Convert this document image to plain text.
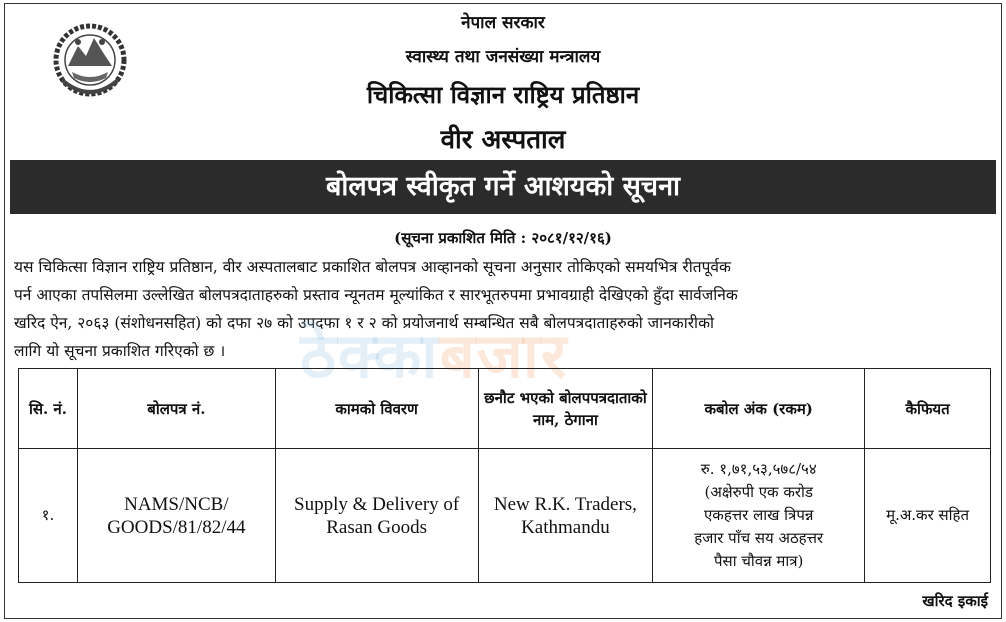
नेपाल सरकार
स्वास्थ्य तथा जनसंख्या मन्त्रालय
चिकित्सा विज्ञान राष्ट्रिय प्रतिष्ठान
वीर अस्पताल
बोलपत्र स्वीकृत गर्ने आशयको सूचना
(सूचना प्रकाशित मिति : २०८१/१२/१६)
यस चिकित्सा विज्ञान राष्ट्रिय प्रतिष्ठान, वीर अस्पतालबाट प्रकाशित बोलपत्र आव्हानको सूचना अनुसार तोकिएको समयभित्र रीतपूर्वक
पर्न आएका तपसिलमा उल्लेखित बोलपत्रदाताहरुको प्रस्ताव न्यूनतम मूल्यांकित र सारभूतरुपमा प्रभावग्राही देखिएको हुँदा सार्वजनिक
खरिद ऐन, २०६३ (संशोधनसहित) को दफा २७ को उपदफा १ र २ को प्रयोजनार्थ सम्बन्धित सबै बोलपत्रदाताहरुको जानकारीको
लागि यो सूचना प्रकाशित गरिएको छ ।	ठेक्काबजार
सि. नं.	बोलपत्र नं.	कामको विवरण	छनौट भएको बोलपपत्रदाताको नाम, ठेगाना	कबोल अंक (रकम)	कैफियत
१.	NAMS/NCB/ GOODS/81/82/44	Supply & Delivery of Rasan Goods	New R.K. Traders, Kathmandu	रु. १,७१,५३,५७८/५४
(अक्षेरुपी एक करोड
एकहत्तर लाख त्रिपन्न
हजार पाँच सय अठहत्तर
पैसा चौवन्न मात्र)	मू.अ.कर सहित
खरिद इकाई
